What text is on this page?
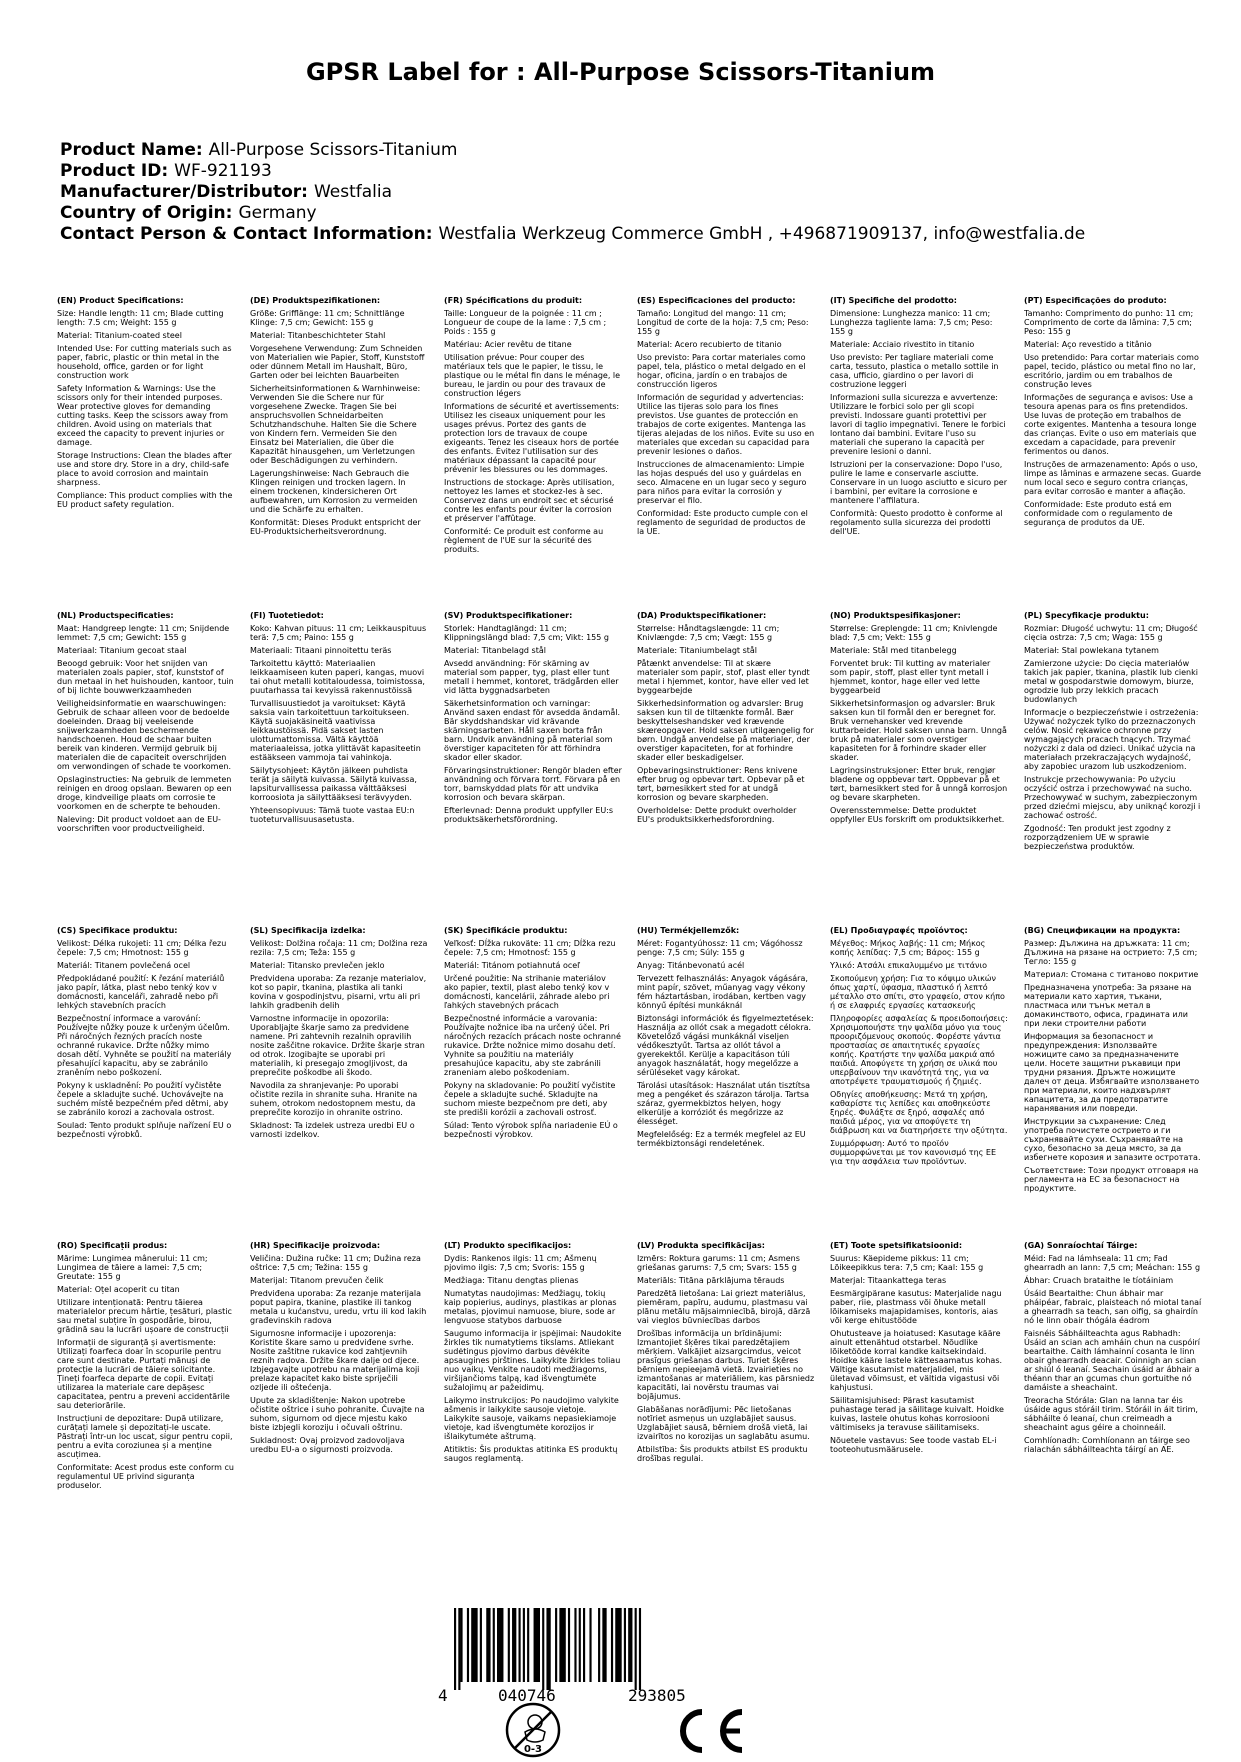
GPSR Label for : All-Purpose Scissors-Titanium
Product Name: All-Purpose Scissors-Titanium
Product ID: WF-921193
Manufacturer/Distributor: Westfalia
Country of Origin: Germany
Contact Person & Contact Information: Westfalia Werkzeug Commerce GmbH , +496871909137, info@westfalia.de

(EN) Product Specifications:

Size: Handle length: 11 cm; Blade cutting length: 7.5 cm; Weight: 155 g

Material: Titanium-coated steel

Intended Use: For cutting materials such as paper, fabric, plastic or thin metal in the household, office, garden or for light construction work

Safety Information & Warnings: Use the scissors only for their intended purposes. Wear protective gloves for demanding cutting tasks. Keep the scissors away from children. Avoid using on materials that exceed the capacity to prevent injuries or damage.

Storage Instructions: Clean the blades after use and store dry. Store in a dry, child-safe place to avoid corrosion and maintain sharpness.

Compliance: This product complies with the EU product safety regulation.

(DE) Produktspezifikationen:

Größe: Grifflänge: 11 cm; Schnittlänge Klinge: 7,5 cm; Gewicht: 155 g

Material: Titanbeschichteter Stahl

Vorgesehene Verwendung: Zum Schneiden von Materialien wie Papier, Stoff, Kunststoff oder dünnem Metall im Haushalt, Büro, Garten oder bei leichten Bauarbeiten

Sicherheitsinformationen & Warnhinweise: Verwenden Sie die Schere nur für vorgesehene Zwecke. Tragen Sie bei anspruchsvollen Schneidarbeiten Schutzhandschuhe. Halten Sie die Schere von Kindern fern. Vermeiden Sie den Einsatz bei Materialien, die über die Kapazität hinausgehen, um Verletzungen oder Beschädigungen zu verhindern.

Lagerungshinweise: Nach Gebrauch die Klingen reinigen und trocken lagern. In einem trockenen, kindersicheren Ort aufbewahren, um Korrosion zu vermeiden und die Schärfe zu erhalten.

Konformität: Dieses Produkt entspricht der EU-Produktsicherheitsverordnung.

(FR) Spécifications du produit:

Taille: Longueur de la poignée : 11 cm ; Longueur de coupe de la lame : 7,5 cm ; Poids : 155 g

Matériau: Acier revêtu de titane

Utilisation prévue: Pour couper des matériaux tels que le papier, le tissu, le plastique ou le métal fin dans le ménage, le bureau, le jardin ou pour des travaux de construction légers

Informations de sécurité et avertissements: Utilisez les ciseaux uniquement pour les usages prévus. Portez des gants de protection lors de travaux de coupe exigeants. Tenez les ciseaux hors de portée des enfants. Évitez l'utilisation sur des matériaux dépassant la capacité pour prévenir les blessures ou les dommages.

Instructions de stockage: Après utilisation, nettoyez les lames et stockez-les à sec. Conservez dans un endroit sec et sécurisé contre les enfants pour éviter la corrosion et préserver l'affûtage.

Conformité: Ce produit est conforme au règlement de l'UE sur la sécurité des produits.

(ES) Especificaciones del producto:

Tamaño: Longitud del mango: 11 cm; Longitud de corte de la hoja: 7,5 cm; Peso: 155 g

Material: Acero recubierto de titanio

Uso previsto: Para cortar materiales como papel, tela, plástico o metal delgado en el hogar, oficina, jardín o en trabajos de construcción ligeros

Información de seguridad y advertencias: Utilice las tijeras solo para los fines previstos. Use guantes de protección en trabajos de corte exigentes. Mantenga las tijeras alejadas de los niños. Evite su uso en materiales que excedan su capacidad para prevenir lesiones o daños.

Instrucciones de almacenamiento: Limpie las hojas después del uso y guárdelas en seco. Almacene en un lugar seco y seguro para niños para evitar la corrosión y preservar el filo.

Conformidad: Este producto cumple con el reglamento de seguridad de productos de la UE.

(IT) Specifiche del prodotto:

Dimensione: Lunghezza manico: 11 cm; Lunghezza tagliente lama: 7,5 cm; Peso: 155 g

Materiale: Acciaio rivestito in titanio

Uso previsto: Per tagliare materiali come carta, tessuto, plastica o metallo sottile in casa, ufficio, giardino o per lavori di costruzione leggeri

Informazioni sulla sicurezza e avvertenze: Utilizzare le forbici solo per gli scopi previsti. Indossare guanti protettivi per lavori di taglio impegnativi. Tenere le forbici lontano dai bambini. Evitare l'uso su materiali che superano la capacità per prevenire lesioni o danni.

Istruzioni per la conservazione: Dopo l'uso, pulire le lame e conservarle asciutte. Conservare in un luogo asciutto e sicuro per i bambini, per evitare la corrosione e mantenere l'affilatura.

Conformità: Questo prodotto è conforme al regolamento sulla sicurezza dei prodotti dell'UE.

(PT) Especificações do produto:

Tamanho: Comprimento do punho: 11 cm; Comprimento de corte da lâmina: 7,5 cm; Peso: 155 g

Material: Aço revestido a titânio

Uso pretendido: Para cortar materiais como papel, tecido, plástico ou metal fino no lar, escritório, jardim ou em trabalhos de construção leves

Informações de segurança e avisos: Use a tesoura apenas para os fins pretendidos. Use luvas de proteção em trabalhos de corte exigentes. Mantenha a tesoura longe das crianças. Evite o uso em materiais que excedam a capacidade, para prevenir ferimentos ou danos.

Instruções de armazenamento: Após o uso, limpe as lâminas e armazene secas. Guarde num local seco e seguro contra crianças, para evitar corrosão e manter a afiação.

Conformidade: Este produto está em conformidade com o regulamento de segurança de produtos da UE.

(NL) Productspecificaties:

Maat: Handgreep lengte: 11 cm; Snijdende lemmet: 7,5 cm; Gewicht: 155 g

Materiaal: Titanium gecoat staal

Beoogd gebruik: Voor het snijden van materialen zoals papier, stof, kunststof of dun metaal in het huishouden, kantoor, tuin of bij lichte bouwwerkzaamheden

Veiligheidsinformatie en waarschuwingen: Gebruik de schaar alleen voor de bedoelde doeleinden. Draag bij veeleisende snijwerkzaamheden beschermende handschoenen. Houd de schaar buiten bereik van kinderen. Vermijd gebruik bij materialen die de capaciteit overschrijden om verwondingen of schade te voorkomen.

Opslaginstructies: Na gebruik de lemmeten reinigen en droog opslaan. Bewaren op een droge, kindveilige plaats om corrosie te voorkomen en de scherpte te behouden.

Naleving: Dit product voldoet aan de EU-voorschriften voor productveiligheid.

(FI) Tuotetiedot:

Koko: Kahvan pituus: 11 cm; Leikkauspituus terä: 7,5 cm; Paino: 155 g

Materiaali: Titaani pinnoitettu teräs

Tarkoitettu käyttö: Materiaalien leikkaamiseen kuten paperi, kangas, muovi tai ohut metalli kotitaloudessa, toimistossa, puutarhassa tai kevyissä rakennustöissä

Turvallisuustiedot ja varoitukset: Käytä saksia vain tarkoitettuun tarkoitukseen. Käytä suojakäsineitä vaativissa leikkaustöissä. Pidä sakset lasten ulottumattomissa. Vältä käyttöä materiaaleissa, jotka ylittävät kapasiteetin estääkseen vammoja tai vahinkoja.

Säilytysohjeet: Käytön jälkeen puhdista terät ja säilytä kuivassa. Säilytä kuivassa, lapsiturvallisessa paikassa välttääksesi korroosiota ja säilyttääksesi terävyyden.

Yhteensopivuus: Tämä tuote vastaa EU:n tuoteturvallisuusasetusta.

(SV) Produktspecifikationer:

Storlek: Handtaglängd: 11 cm; Klippningslängd blad: 7,5 cm; Vikt: 155 g

Material: Titanbelagd stål

Avsedd användning: För skärning av material som papper, tyg, plast eller tunt metall i hemmet, kontoret, trädgården eller vid lätta byggnadsarbeten

Säkerhetsinformation och varningar: Använd saxen endast för avsedda ändamål. Bär skyddshandskar vid krävande skärningsarbeten. Håll saxen borta från barn. Undvik användning på material som överstiger kapaciteten för att förhindra skador eller skador.

Förvaringsinstruktioner: Rengör bladen efter användning och förvara torrt. Förvara på en torr, barnskyddad plats för att undvika korrosion och bevara skärpan.

Efterlevnad: Denna produkt uppfyller EU:s produktsäkerhetsförordning.

(DA) Produktspecifikationer:

Størrelse: Håndtagslængde: 11 cm; Knivlængde: 7,5 cm; Vægt: 155 g

Materiale: Titaniumbelagt stål

Påtænkt anvendelse: Til at skære materialer som papir, stof, plast eller tyndt metal i hjemmet, kontor, have eller ved let byggearbejde

Sikkerhedsinformation og advarsler: Brug saksen kun til de tiltænkte formål. Bær beskyttelseshandsker ved krævende skæreopgaver. Hold saksen utilgængelig for børn. Undgå anvendelse på materialer, der overstiger kapaciteten, for at forhindre skader eller beskadigelser.

Opbevaringsinstruktioner: Rens knivene efter brug og opbevar tørt. Opbevar på et tørt, børnesikkert sted for at undgå korrosion og bevare skarpheden.

Overholdelse: Dette produkt overholder EU's produktsikkerhedsforordning.

(NO) Produktspesifikasjoner:

Størrelse: Greplengde: 11 cm; Knivlengde blad: 7,5 cm; Vekt: 155 g

Materiale: Stål med titanbelegg

Forventet bruk: Til kutting av materialer som papir, stoff, plast eller tynt metall i hjemmet, kontor, hage eller ved lette byggearbeid

Sikkerhetsinformasjon og advarsler: Bruk saksen kun til formål den er beregnet for. Bruk vernehansker ved krevende kuttarbeider. Hold saksen unna barn. Unngå bruk på materialer som overstiger kapasiteten for å forhindre skader eller skader.

Lagringsinstruksjoner: Etter bruk, rengjør bladene og oppbevar tørt. Oppbevar på et tørt, barnesikkert sted for å unngå korrosjon og bevare skarpheten.

Overensstemmelse: Dette produktet oppfyller EUs forskrift om produktsikkerhet.

(PL) Specyfikacje produktu:

Rozmiar: Długość uchwytu: 11 cm; Długość cięcia ostrza: 7,5 cm; Waga: 155 g

Materiał: Stal powlekana tytanem

Zamierzone użycie: Do cięcia materiałów takich jak papier, tkanina, plastik lub cienki metal w gospodarstwie domowym, biurze, ogrodzie lub przy lekkich pracach budowlanych

Informacje o bezpieczeństwie i ostrzeżenia: Używać nożyczek tylko do przeznaczonych celów. Nosić rękawice ochronne przy wymagających pracach tnących. Trzymać nożyczki z dala od dzieci. Unikać użycia na materiałach przekraczających wydajność, aby zapobiec urazom lub uszkodzeniom.

Instrukcje przechowywania: Po użyciu oczyścić ostrza i przechowywać na sucho. Przechowywać w suchym, zabezpieczonym przed dziećmi miejscu, aby uniknąć korozji i zachować ostrość.

Zgodność: Ten produkt jest zgodny z rozporządzeniem UE w sprawie bezpieczeństwa produktów.

(CS) Specifikace produktu:

Velikost: Délka rukojeti: 11 cm; Délka řezu čepele: 7,5 cm; Hmotnost: 155 g

Materiál: Titanem povlečená ocel

Předpokládané použití: K řezání materiálů jako papír, látka, plast nebo tenký kov v domácnosti, kanceláři, zahradě nebo při lehkých stavebních pracích

Bezpečnostní informace a varování: Používejte nůžky pouze k určeným účelům. Při náročných řezných pracích noste ochranné rukavice. Držte nůžky mimo dosah dětí. Vyhněte se použití na materiály přesahující kapacitu, aby se zabránilo zraněním nebo poškození.

Pokyny k uskladnění: Po použití vyčistěte čepele a skladujte suché. Uchovávejte na suchém místě bezpečném před dětmi, aby se zabránilo korozi a zachovala ostrost.

Soulad: Tento produkt splňuje nařízení EU o bezpečnosti výrobků.

(SL) Specifikacija izdelka:

Velikost: Dolžina ročaja: 11 cm; Dolžina reza rezila: 7,5 cm; Teža: 155 g

Material: Titansko prevlečen jeklo

Predvidena uporaba: Za rezanje materialov, kot so papir, tkanina, plastika ali tanki kovina v gospodinjstvu, pisarni, vrtu ali pri lahkih gradbenih delih

Varnostne informacije in opozorila: Uporabljajte škarje samo za predvidene namene. Pri zahtevnih rezalnih opravilih nosite zaščitne rokavice. Držite škarje stran od otrok. Izogibajte se uporabi pri materialih, ki presegajo zmogljivost, da preprečite poškodbe ali škodo.

Navodila za shranjevanje: Po uporabi očistite rezila in shranite suha. Hranite na suhem, otrokom nedostopnem mestu, da preprečite korozijo in ohranite ostrino.

Skladnost: Ta izdelek ustreza uredbi EU o varnosti izdelkov.

(SK) Špecifikácie produktu:

Veľkosť: Dĺžka rukoväte: 11 cm; Dĺžka rezu čepele: 7,5 cm; Hmotnosť: 155 g

Materiál: Titánom potiahnutá oceľ

Určené použitie: Na strihanie materiálov ako papier, textil, plast alebo tenký kov v domácnosti, kancelárii, záhrade alebo pri ľahkých stavebných prácach

Bezpečnostné informácie a varovania: Používajte nožnice iba na určený účel. Pri náročných rezacích prácach noste ochranné rukavice. Držte nožnice mimo dosahu detí. Vyhnite sa použitiu na materiály presahujúce kapacitu, aby ste zabránili zraneniam alebo poškodeniam.

Pokyny na skladovanie: Po použití vyčistite čepele a skladujte suché. Skladujte na suchom mieste bezpečnom pre deti, aby ste predišli korózii a zachovali ostrosť.

Súlad: Tento výrobok spĺňa nariadenie EÚ o bezpečnosti výrobkov.

(HU) Termékjellemzők:

Méret: Fogantyúhossz: 11 cm; Vágóhossz penge: 7,5 cm; Súly: 155 g

Anyag: Titánbevonatú acél

Tervezett felhasználás: Anyagok vágására, mint papír, szövet, műanyag vagy vékony fém háztartásban, irodában, kertben vagy könnyű építési munkáknál

Biztonsági információk és figyelmeztetések: Használja az ollót csak a megadott célokra. Követelőző vágási munkáknál viseljen védőkesztyűt. Tartsa az ollót távol a gyerekektől. Kerülje a kapacitáson túli anyagok használatát, hogy megelőzze a sérüléseket vagy károkat.

Tárolási utasítások: Használat után tisztítsa meg a pengéket és szárazon tárolja. Tartsa száraz, gyermekbiztos helyen, hogy elkerülje a korróziót és megőrizze az élességet.

Megfelelőség: Ez a termék megfelel az EU termékbiztonsági rendeletének.

(EL) Προδιαγραφές προϊόντος:

Μέγεθος: Μήκος λαβής: 11 cm; Μήκος κοπής λεπίδας: 7,5 cm; Βάρος: 155 g

Υλικό: Ατσάλι επικαλυμμένο με τιτάνιο

Σκοπούμενη χρήση: Για το κόψιμο υλικών όπως χαρτί, ύφασμα, πλαστικό ή λεπτό μέταλλο στο σπίτι, στο γραφείο, στον κήπο ή σε ελαφριές εργασίες κατασκευής

Πληροφορίες ασφαλείας & προειδοποιήσεις: Χρησιμοποιήστε την ψαλίδα μόνο για τους προοριζόμενους σκοπούς. Φορέστε γάντια προστασίας σε απαιτητικές εργασίες κοπής. Κρατήστε την ψαλίδα μακριά από παιδιά. Αποφύγετε τη χρήση σε υλικά που υπερβαίνουν την ικανότητά της, για να αποτρέψετε τραυματισμούς ή ζημιές.

Οδηγίες αποθήκευσης: Μετά τη χρήση, καθαρίστε τις λεπίδες και αποθηκεύστε ξηρές. Φυλάξτε σε ξηρό, ασφαλές από παιδιά μέρος, για να αποφύγετε τη διάβρωση και να διατηρήσετε την οξύτητα.

Συμμόρφωση: Αυτό το προϊόν συμμορφώνεται με τον κανονισμό της ΕΕ για την ασφάλεια των προϊόντων.

(BG) Спецификации на продукта:

Размер: Дължина на дръжката: 11 cm; Дължина на рязане на острието: 7,5 cm; Тегло: 155 g

Материал: Стомана с титаново покритие

Предназначена употреба: За рязане на материали като хартия, тъкани, пластмаса или тънък метал в домакинството, офиса, градината или при леки строителни работи

Информация за безопасност и предупреждения: Използвайте ножиците само за предназначените цели. Носете защитни ръкавици при трудни рязания. Дръжте ножиците далеч от деца. Избягвайте използването при материали, които надхвърлят капацитета, за да предотвратите наранявания или повреди.

Инструкции за съхранение: След употреба почистете острието и ги съхранявайте сухи. Съхранявайте на сухо, безопасно за деца място, за да избегнете корозия и запазите остротата.

Съответствие: Този продукт отговаря на регламента на ЕС за безопасност на продуктите.

(RO) Specificații produs:

Mărime: Lungimea mânerului: 11 cm; Lungimea de tăiere a lamei: 7,5 cm; Greutate: 155 g

Material: Oțel acoperit cu titan

Utilizare intenționată: Pentru tăierea materialelor precum hârtie, țesături, plastic sau metal subțire în gospodărie, birou, grădină sau la lucrări ușoare de construcții

Informații de siguranță și avertismente: Utilizați foarfeca doar în scopurile pentru care sunt destinate. Purtați mănuși de protecție la lucrări de tăiere solicitante. Țineți foarfeca departe de copii. Evitați utilizarea la materiale care depășesc capacitatea, pentru a preveni accidentările sau deteriorările.

Instrucțiuni de depozitare: După utilizare, curățați lamele și depozitați-le uscate. Păstrați într-un loc uscat, sigur pentru copii, pentru a evita coroziunea și a menține ascuțimea.

Conformitate: Acest produs este conform cu regulamentul UE privind siguranța produselor.

(HR) Specifikacije proizvoda:

Veličina: Dužina ručke: 11 cm; Dužina reza oštrice: 7,5 cm; Težina: 155 g

Materijal: Titanom prevučen čelik

Predviđena uporaba: Za rezanje materijala poput papira, tkanine, plastike ili tankog metala u kućanstvu, uredu, vrtu ili kod lakih građevinskih radova

Sigurnosne informacije i upozorenja: Koristite škare samo u predviđene svrhe. Nosite zaštitne rukavice kod zahtjevnih reznih radova. Držite škare dalje od djece. Izbjegavajte upotrebu na materijalima koji prelaze kapacitet kako biste spriječili ozljede ili oštećenja.

Upute za skladištenje: Nakon upotrebe očistite oštrice i suho pohranite. Čuvajte na suhom, sigurnom od djece mjestu kako biste izbjegli koroziju i očuvali oštrinu.

Sukladnost: Ovaj proizvod zadovoljava uredbu EU-a o sigurnosti proizvoda.

(LT) Produkto specifikacijos:

Dydis: Rankenos ilgis: 11 cm; Ašmenų pjovimo ilgis: 7,5 cm; Svoris: 155 g

Medžiaga: Titanu dengtas plienas

Numatytas naudojimas: Medžiagų, tokių kaip popierius, audinys, plastikas ar plonas metalas, pjovimui namuose, biure, sode ar lengvuose statybos darbuose

Saugumo informacija ir įspėjimai: Naudokite žirkles tik numatytiems tikslams. Atliekant sudėtingus pjovimo darbus dėvėkite apsaugines pirštines. Laikykite žirkles toliau nuo vaikų. Venkite naudoti medžiagoms, viršijančioms talpą, kad išvengtumėte sužalojimų ar pažeidimų.

Laikymo instrukcijos: Po naudojimo valykite ašmenis ir laikykite sausoje vietoje. Laikykite sausoje, vaikams nepasiekiamoje vietoje, kad išvengtumėte korozijos ir išlaikytumėte aštrumą.

Atitiktis: Šis produktas atitinka ES produktų saugos reglamentą.

(LV) Produkta specifikācijas:

Izmērs: Roktura garums: 11 cm; Asmens griešanas garums: 7,5 cm; Svars: 155 g

Materiāls: Titāna pārklājuma tērauds

Paredzētā lietošana: Lai griezt materiālus, piemēram, papīru, audumu, plastmasu vai plānu metālu mājsaimniecībā, birojā, dārzā vai vieglos būvniecības darbos

Drošības informācija un brīdinājumi: Izmantojiet šķēres tikai paredzētajiem mērķiem. Valkājiet aizsargcimdus, veicot prasīgus griešanas darbus. Turiet šķēres bērniem nepieejamā vietā. Izvairieties no izmantošanas ar materiāliem, kas pārsniedz kapacitāti, lai novērstu traumas vai bojājumus.

Glabāšanas norādījumi: Pēc lietošanas notīriet asmeņus un uzglabājiet sausus. Uzglabājiet sausā, bērniem drošā vietā, lai izvairītos no korozijas un saglabātu asumu.

Atbilstība: Šis produkts atbilst ES produktu drošības regulai.

(ET) Toote spetsifikatsioonid:

Suurus: Käepideme pikkus: 11 cm; Lõikeepikkus tera: 7,5 cm; Kaal: 155 g

Materjal: Titaankattega teras

Eesmärgipärane kasutus: Materjalide nagu paber, riie, plastmass või õhuke metall lõikamiseks majapidamises, kontoris, aias või kerge ehitustööde

Ohutusteave ja hoiatused: Kasutage kääre ainult ettenähtud otstarbel. Nõudlike lõiketööde korral kandke kaitsekindaid. Hoidke kääre lastele kättesaamatus kohas. Vältige kasutamist materjalidel, mis ületavad võimsust, et vältida vigastusi või kahjustusi.

Säilitamisjuhised: Pärast kasutamist puhastage terad ja säilitage kuivalt. Hoidke kuivas, lastele ohutus kohas korrosiooni vältimiseks ja teravuse säilitamiseks.

Nõuetele vastavus: See toode vastab EL-i tooteohutusmäärusele.

(GA) Sonraíochtaí Táirge:

Méid: Fad na lámhseala: 11 cm; Fad ghearradh an lann: 7,5 cm; Meáchan: 155 g

Ábhar: Cruach brataithe le tíotáiniam

Úsáid Beartaithe: Chun ábhair mar pháipéar, fabraic, plaisteach nó miotal tanaí a ghearradh sa teach, san oifig, sa ghairdín nó le linn obair thógála éadrom

Faisnéis Sábháilteachta agus Rabhadh: Úsáid an scian ach amháin chun na cuspóirí beartaithe. Caith lámhainní cosanta le linn obair ghearradh deacair. Coinnigh an scian ar shiúl ó leanaí. Seachain úsáid ar ábhair a théann thar an gcumas chun gortuithe nó damáiste a sheachaint.

Treoracha Stórála: Glan na lanna tar éis úsáide agus stóráil tirim. Stóráil in áit tirim, sábháilte ó leanaí, chun creimeadh a sheachaint agus géire a choinneáil.

Comhlíonadh: Comhlíonann an táirge seo rialachán sábháilteachta táirgí an AE.

4	040746	293805
0-3
